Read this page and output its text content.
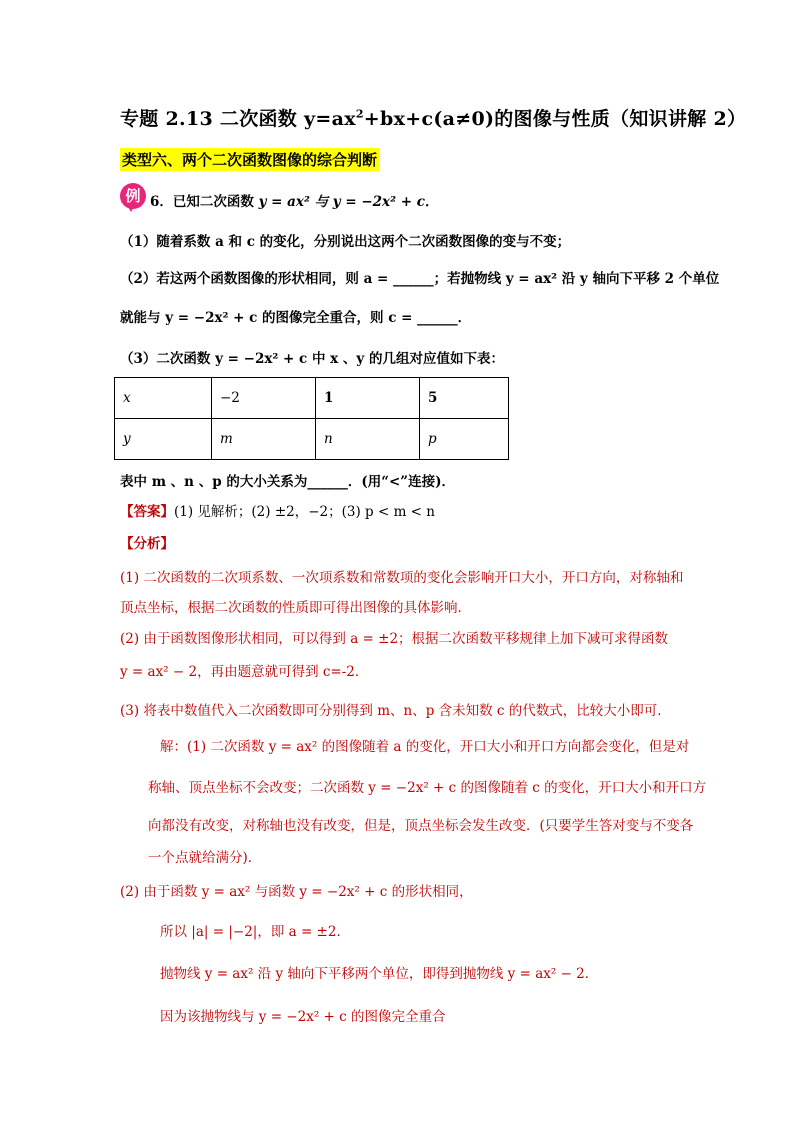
专题 2.13 二次函数 $y=ax^2+bx+c(a\ne 0)$的图像与性质（知识讲解 2）
类型六、两个二次函数图像的综合判断
例 6．已知二次函数 y = ax² 与 y = −2x² + c．
（1）随着系数 a 和 c 的变化，分别说出这两个二次函数图像的变与不变；
（2）若这两个函数图像的形状相同，则 a = ______；若抛物线 y = ax² 沿 y 轴向下平移 2 个单位
就能与 y = −2x² + c 的图像完全重合，则 c = ______．
（3）二次函数 y = −2x² + c 中 x 、y 的几组对应值如下表：
x	−2	1	5
y	m	n	p
表中 m 、n 、p 的大小关系为______．(用“<”连接)．
【答案】(1) 见解析；(2) ±2，−2；(3) p < m < n
【分析】
(1) 二次函数的二次项系数、一次项系数和常数项的变化会影响开口大小，开口方向，对称轴和
顶点坐标，根据二次函数的性质即可得出图像的具体影响．
(2) 由于函数图像形状相同，可以得到 a = ±2；根据二次函数平移规律上加下减可求得函数
y = ax² − 2，再由题意就可得到 c=-2．
(3) 将表中数值代入二次函数即可分别得到 m、n、p 含未知数 c 的代数式，比较大小即可．
解：(1) 二次函数 y = ax² 的图像随着 a 的变化，开口大小和开口方向都会变化，但是对
称轴、顶点坐标不会改变；二次函数 y = −2x² + c 的图像随着 c 的变化，开口大小和开口方
向都没有改变，对称轴也没有改变，但是，顶点坐标会发生改变．(只要学生答对变与不变各
一个点就给满分)．
(2) 由于函数 y = ax² 与函数 y = −2x² + c 的形状相同，
所以 |a| = |−2|，即 a = ±2．
抛物线 y = ax² 沿 y 轴向下平移两个单位，即得到抛物线 y = ax² − 2．
因为该抛物线与 y = −2x² + c 的图像完全重合
